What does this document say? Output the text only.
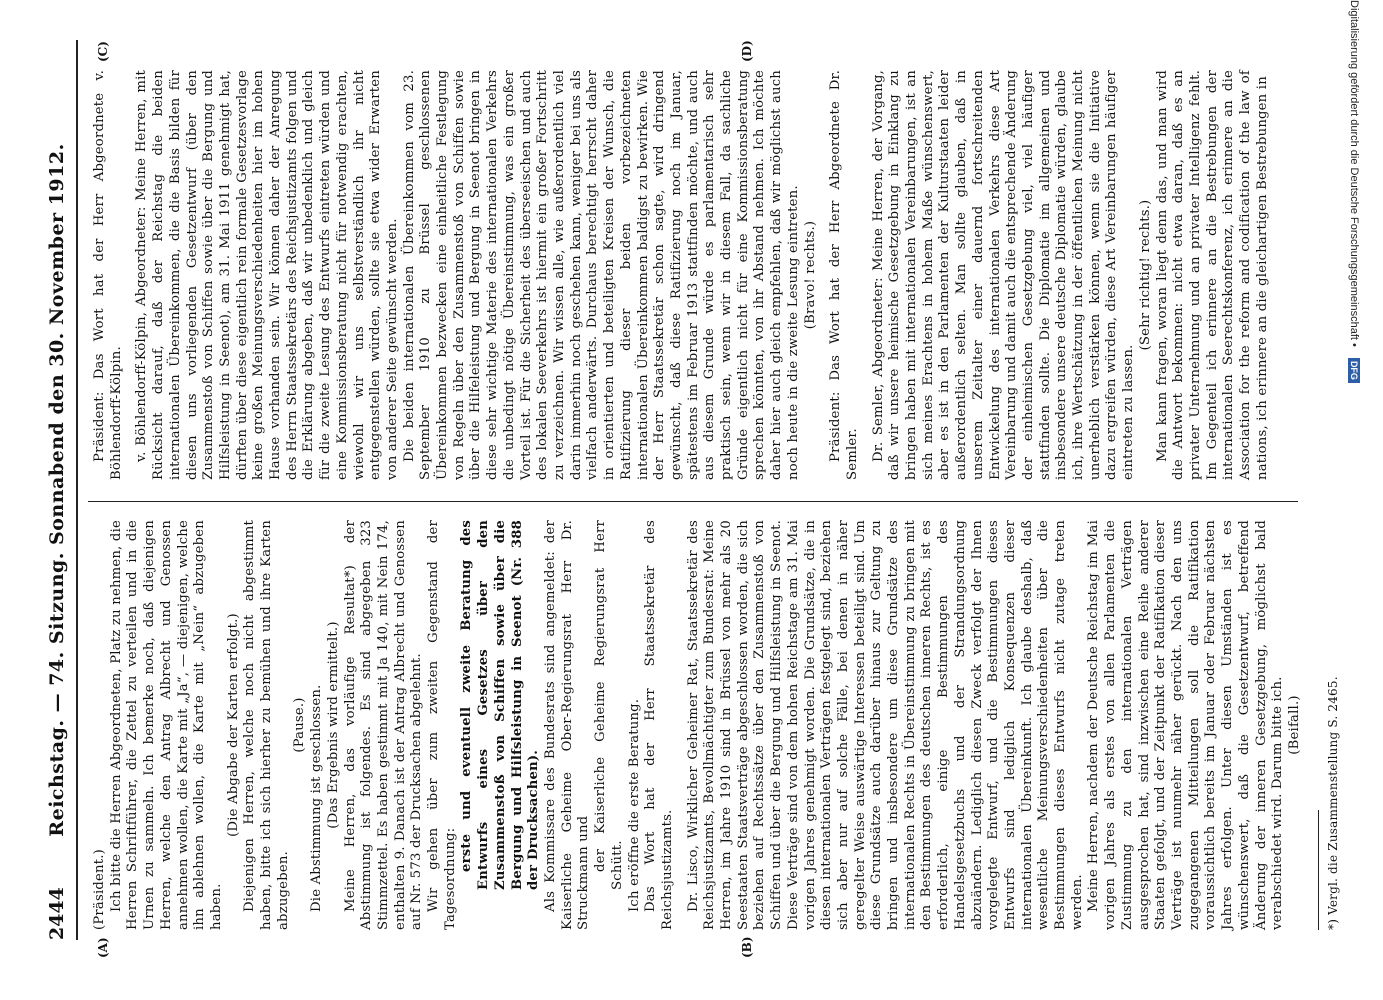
2444
Reichstag. — 74. Sitzung. Sonnabend den 30. November 1912.
(A)	(B)
(C)	(D)

(Präsident.) Ich bitte die Herren Abgeordneten, Platz zu nehmen, die Herren Schriftführer, die Zettel zu verteilen und in die Urnen zu sammeln. Ich bemerke noch, daß diejenigen Herren, welche den Antrag Albrecht und Genossen annehmen wollen, die Karte mit „Ja“, — diejenigen, welche ihn ablehnen wollen, die Karte mit „Nein“ abzugeben haben.

(Die Abgabe der Karten erfolgt.) Diejenigen Herren, welche noch nicht abgestimmt haben, bitte ich sich hierher zu bemühen und ihre Karten abzugeben.

(Pause.) Die Abstimmung ist geschlossen. (Das Ergebnis wird ermittelt.) Meine Herren, das vorläufige Resultat*) der Abstimmung ist folgendes. Es sind abgegeben 323 Stimmzettel. Es haben gestimmt mit Ja 140, mit Nein 174, enthalten 9. Danach ist der Antrag Albrecht und Genossen auf Nr. 573 der Drucksachen abgelehnt. Wir gehen über zum zweiten Gegenstand der Tagesordnung:

erste und eventuell zweite Beratung des Entwurfs eines Gesetzes über den Zusammenstoß von Schiffen sowie über die Bergung und Hilfsleistung in Seenot (Nr. 388 der Drucksachen). Als Kommissare des Bundesrats sind angemeldet: der Kaiserliche Geheime Ober-Regierungsrat Herr Dr. Struckmann und

der Kaiserliche Geheime Regierungsrat Herr Schütt. Ich eröffne die erste Beratung. Das Wort hat der Herr Staatssekretär des Reichsjustizamts. Dr. Lisco, Wirklicher Geheimer Rat, Staatssekretär des Reichsjustizamts, Bevollmächtigter zum Bundesrat: Meine Herren, im Jahre 1910 sind in Brüssel von mehr als 20 Seestaaten Staatsverträge abgeschlossen worden, die sich beziehen auf Rechtssätze über den Zusammenstoß von Schiffen und über die Bergung und Hilfsleistung in Seenot. Diese Verträge sind von dem hohen Reichstage am 31. Mai vorigen Jahres genehmigt worden. Die Grundsätze, die in diesen internationalen Verträgen festgelegt sind, beziehen sich aber nur auf solche Fälle, bei denen in näher geregelter Weise auswärtige Interessen beteiligt sind. Um diese Grundsätze auch darüber hinaus zur Geltung zu bringen und insbesondere um diese Grundsätze des internationalen Rechts in Übereinstimmung zu bringen mit den Bestimmungen des deutschen inneren Rechts, ist es erforderlich, einige Bestimmungen des Handelsgesetzbuchs und der Strandungsordnung abzuändern. Lediglich diesen Zweck verfolgt der Ihnen vorgelegte Entwurf, und die Bestimmungen dieses Entwurfs sind lediglich Konsequenzen dieser internationalen Übereinkunft. Ich glaube deshalb, daß wesentliche Meinungsverschiedenheiten über die Bestimmungen dieses Entwurfs nicht zutage treten werden. Meine Herren, nachdem der Deutsche Reichstag im Mai vorigen Jahres als erstes von allen Parlamenten die Zustimmung zu den internationalen Verträgen ausgesprochen hat, sind inzwischen eine Reihe anderer Staaten gefolgt, und der Zeitpunkt der Ratifikation dieser Verträge ist nunmehr näher gerückt. Nach den uns zugegangenen Mitteilungen soll die Ratifikation voraussichtlich bereits im Januar oder Februar nächsten Jahres erfolgen. Unter diesen Umständen ist es wünschenswert, daß die Gesetzentwurf, betreffend Änderung der inneren Gesetzgebung, möglichst bald verabschiedet wird. Darum bitte ich. (Beifall.) *) Vergl. die Zusammenstellung S. 2465.

Präsident: Das Wort hat der Herr Abgeordnete v. Böhlendorff-Kölpin. v. Böhlendorff-Kölpin, Abgeordneter: Meine Herren, mit Rücksicht darauf, daß der Reichstag die beiden internationalen Übereinkommen, die die Basis bilden für diesen uns vorliegenden Gesetzentwurf (über den Zusammenstoß von Schiffen sowie über die Bergung und Hilfsleistung in Seenot), am 31. Mai 1911 genehmigt hat, dürften über diese eigentlich rein formale Gesetzesvorlage keine großen Meinungsverschiedenheiten hier im hohen Hause vorhanden sein. Wir können daher der Anregung des Herrn Staatssekretärs des Reichsjustizamts folgen und die Erklärung abgeben, daß wir unbedenklich und gleich für die zweite Lesung des Entwurfs eintreten würden und eine Kommissionsberatung nicht für notwendig erachten, wiewohl wir uns selbstverständlich ihr nicht entgegenstellen würden, sollte sie etwa wider Erwarten von anderer Seite gewünscht werden. Die beiden internationalen Übereinkommen vom 23. September 1910 zu Brüssel geschlossenen Übereinkommen bezwecken eine einheitliche Festlegung von Regeln über den Zusammenstoß von Schiffen sowie über die Hilfeleistung und Bergung in Seenot bringen in diese sehr wichtige Materie des internationalen Verkehrs die unbedingt nötige Übereinstimmung, was ein großer Vorteil ist. Für die Sicherheit des überseeischen und auch des lokalen Seeverkehrs ist hiermit ein großer Fortschritt zu verzeichnen. Wir wissen alle, wie außerordentlich viel darin immerhin noch geschehen kann, weniger bei uns als vielfach anderwärts. Durchaus berechtigt herrscht daher in orientierten und beteiligten Kreisen der Wunsch, die Ratifizierung dieser beiden vorbezeichneten internationalen Übereinkommen baldigst zu bewirken. Wie der Herr Staatssekretär schon sagte, wird dringend gewünscht, daß diese Ratifizierung noch im Januar, spätestens im Februar 1913 stattfinden möchte, und auch aus diesem Grunde würde es parlamentarisch sehr praktisch sein, wenn wir in diesem Fall, da sachliche Gründe eigentlich nicht für eine Kommissionsberatung sprechen könnten, von ihr Abstand nehmen. Ich möchte daher hier auch gleich empfehlen, daß wir möglichst auch noch heute in die zweite Lesung eintreten. (Bravo! rechts.) Präsident: Das Wort hat der Herr Abgeordnete Dr. Semler. Dr. Semler, Abgeordneter: Meine Herren, der Vorgang, daß wir unsere heimische Gesetzgebung in Einklang zu bringen haben mit internationalen Vereinbarungen, ist an sich meines Erachtens in hohem Maße wünschenswert, aber es ist in den Parlamenten der Kulturstaaten leider außerordentlich selten. Man sollte glauben, daß in unserem Zeitalter einer dauernd fortschreitenden Entwickelung des internationalen Verkehrs diese Art Vereinbarung und damit auch die entsprechende Änderung der einheimischen Gesetzgebung viel, viel häufiger stattfinden sollte. Die Diplomatie im allgemeinen und insbesondere unsere deutsche Diplomatie würden, glaube ich, ihre Wertschätzung in der öffentlichen Meinung nicht unerheblich verstärken können, wenn sie die Initiative dazu ergreifen würden, diese Art Vereinbarungen häufiger eintreten zu lassen.

(Sehr richtig! rechts.) Man kann fragen, woran liegt denn das, und man wird die Antwort bekommen: nicht etwa daran, daß es an privater Unternehmung und an privater Intelligenz fehlt. Im Gegenteil ich erinnere an die Bestrebungen der internationalen Seerechtskonferenz, ich erinnere an die Association for the reform and codification of the law of nations, ich erinnere an die gleichartigen Bestrebungen in	Digitalisierung gefördert durch die Deutsche Forschungsgemeinschaft • DFG
